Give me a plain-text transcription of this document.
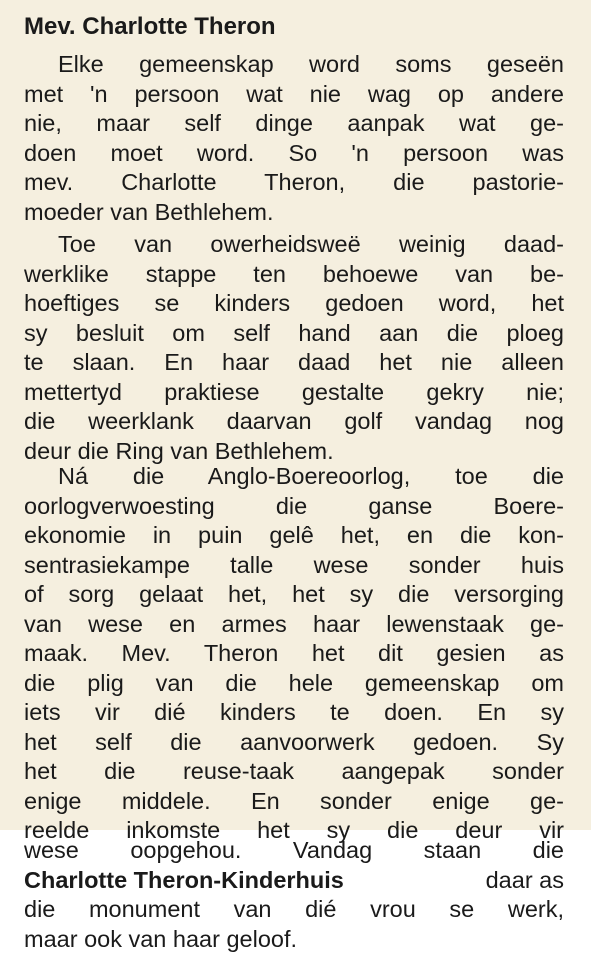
Mev. Charlotte Theron
Elke gemeenskap word soms geseën
met 'n persoon wat nie wag op andere
nie, maar self dinge aanpak wat ge-
doen moet word. So 'n persoon was
mev. Charlotte Theron, die pastorie-
moeder van Bethlehem.
Toe van owerheidsweë weinig daad-
werklike stappe ten behoewe van be-
hoeftiges se kinders gedoen word, het
sy besluit om self hand aan die ploeg
te slaan. En haar daad het nie alleen
mettertyd praktiese gestalte gekry nie;
die weerklank daarvan golf vandag nog
deur die Ring van Bethlehem.
Ná die Anglo-Boereoorlog, toe die
oorlogverwoesting die ganse Boere-
ekonomie in puin gelê het, en die kon-
sentrasiekampe talle wese sonder huis
of sorg gelaat het, het sy die versorging
van wese en armes haar lewenstaak ge-
maak. Mev. Theron het dit gesien as
die plig van die hele gemeenskap om
iets vir dié kinders te doen. En sy
het self die aanvoorwerk gedoen. Sy
het die reuse-taak aangepak sonder
enige middele. En sonder enige ge-
reelde inkomste het sy die deur vir
wese oopgehou. Vandag staan die
Charlotte Theron-Kinderhuis	daar as
die monument van dié vrou se werk,
maar ook van haar geloof.
